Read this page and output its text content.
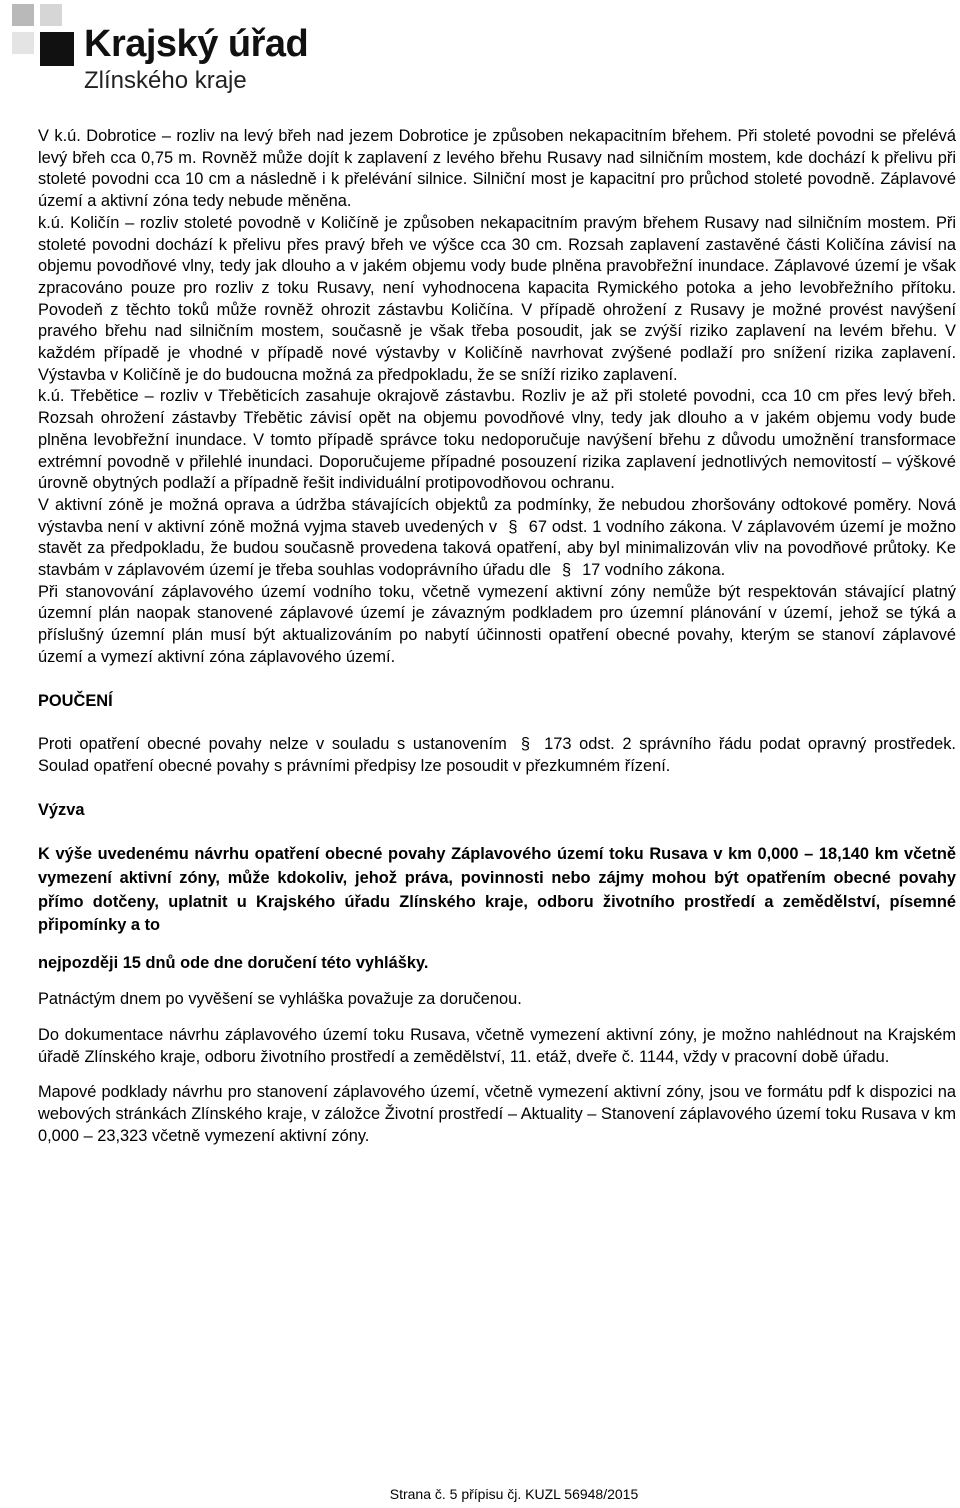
Krajský úřad
Zlínského kraje

V k.ú. Dobrotice – rozliv na levý břeh nad jezem Dobrotice je způsoben nekapacitním břehem. Při stoleté povodni se přelévá levý břeh cca 0,75 m. Rovněž může dojít k zaplavení z levého břehu Rusavy nad silničním mostem, kde dochází k přelivu při stoleté povodni cca 10 cm a následně i k přelévání silnice. Silniční most je kapacitní pro průchod stoleté povodně. Záplavové území a aktivní zóna tedy nebude měněna.

k.ú. Količín – rozliv stoleté povodně v Količíně je způsoben nekapacitním pravým břehem Rusavy nad silničním mostem. Při stoleté povodni dochází k přelivu přes pravý břeh ve výšce cca 30 cm. Rozsah zaplavení zastavěné části Količína závisí na objemu povodňové vlny, tedy jak dlouho a v jakém objemu vody bude plněna pravobřežní inundace. Záplavové území je však zpracováno pouze pro rozliv z toku Rusavy, není vyhodnocena kapacita Rymického potoka a jeho levobřežního přítoku. Povodeň z těchto toků může rovněž ohrozit zástavbu Količína. V případě ohrožení z Rusavy je možné provést navýšení pravého břehu nad silničním mostem, současně je však třeba posoudit, jak se zvýší riziko zaplavení na levém břehu. V každém případě je vhodné v případě nové výstavby v Količíně navrhovat zvýšené podlaží pro snížení rizika zaplavení. Výstavba v Količíně je do budoucna možná za předpokladu, že se sníží riziko zaplavení.

k.ú. Třebětice – rozliv v Třeběticích zasahuje okrajově zástavbu. Rozliv je až při stoleté povodni, cca 10 cm přes levý břeh. Rozsah ohrožení zástavby Třebětic závisí opět na objemu povodňové vlny, tedy jak dlouho a v jakém objemu vody bude plněna levobřežní inundace. V tomto případě správce toku nedoporučuje navýšení břehu z důvodu umožnění transformace extrémní povodně v přilehlé inundaci. Doporučujeme případné posouzení rizika zaplavení jednotlivých nemovitostí – výškové úrovně obytných podlaží a případně řešit individuální protipovodňovou ochranu.

V aktivní zóně je možná oprava a údržba stávajících objektů za podmínky, že nebudou zhoršovány odtokové poměry. Nová výstavba není v aktivní zóně možná vyjma staveb uvedených v § 67 odst. 1 vodního zákona. V záplavovém území je možno stavět za předpokladu, že budou současně provedena taková opatření, aby byl minimalizován vliv na povodňové průtoky. Ke stavbám v záplavovém území je třeba souhlas vodoprávního úřadu dle § 17 vodního zákona.

Při stanovování záplavového území vodního toku, včetně vymezení aktivní zóny nemůže být respektován stávající platný územní plán naopak stanovené záplavové území je závazným podkladem pro územní plánování v území, jehož se týká a příslušný územní plán musí být aktualizováním po nabytí účinnosti opatření obecné povahy, kterým se stanoví záplavové území a vymezí aktivní zóna záplavového území.

POUČENÍ

Proti opatření obecné povahy nelze v souladu s ustanovením § 173 odst. 2 správního řádu podat opravný prostředek. Soulad opatření obecné povahy s právními předpisy lze posoudit v přezkumném řízení.

Výzva

K výše uvedenému návrhu opatření obecné povahy Záplavového území toku Rusava v km 0,000 – 18,140 km včetně vymezení aktivní zóny, může kdokoliv, jehož práva, povinnosti nebo zájmy mohou být opatřením obecné povahy přímo dotčeny, uplatnit u Krajského úřadu Zlínského kraje, odboru životního prostředí a zemědělství, písemné připomínky a to

nejpozději 15 dnů ode dne doručení této vyhlášky.

Patnáctým dnem po vyvěšení se vyhláška považuje za doručenou.

Do dokumentace návrhu záplavového území toku Rusava, včetně vymezení aktivní zóny, je možno nahlédnout na Krajském úřadě Zlínského kraje, odboru životního prostředí a zemědělství, 11. etáž, dveře č. 1144, vždy v pracovní době úřadu.

Mapové podklady návrhu pro stanovení záplavového území, včetně vymezení aktivní zóny, jsou ve formátu pdf k dispozici na webových stránkách Zlínského kraje, v záložce Životní prostředí – Aktuality – Stanovení záplavového území toku Rusava v km 0,000 – 23,323 včetně vymezení aktivní zóny.

Strana č. 5 přípisu čj. KUZL 56948/2015
